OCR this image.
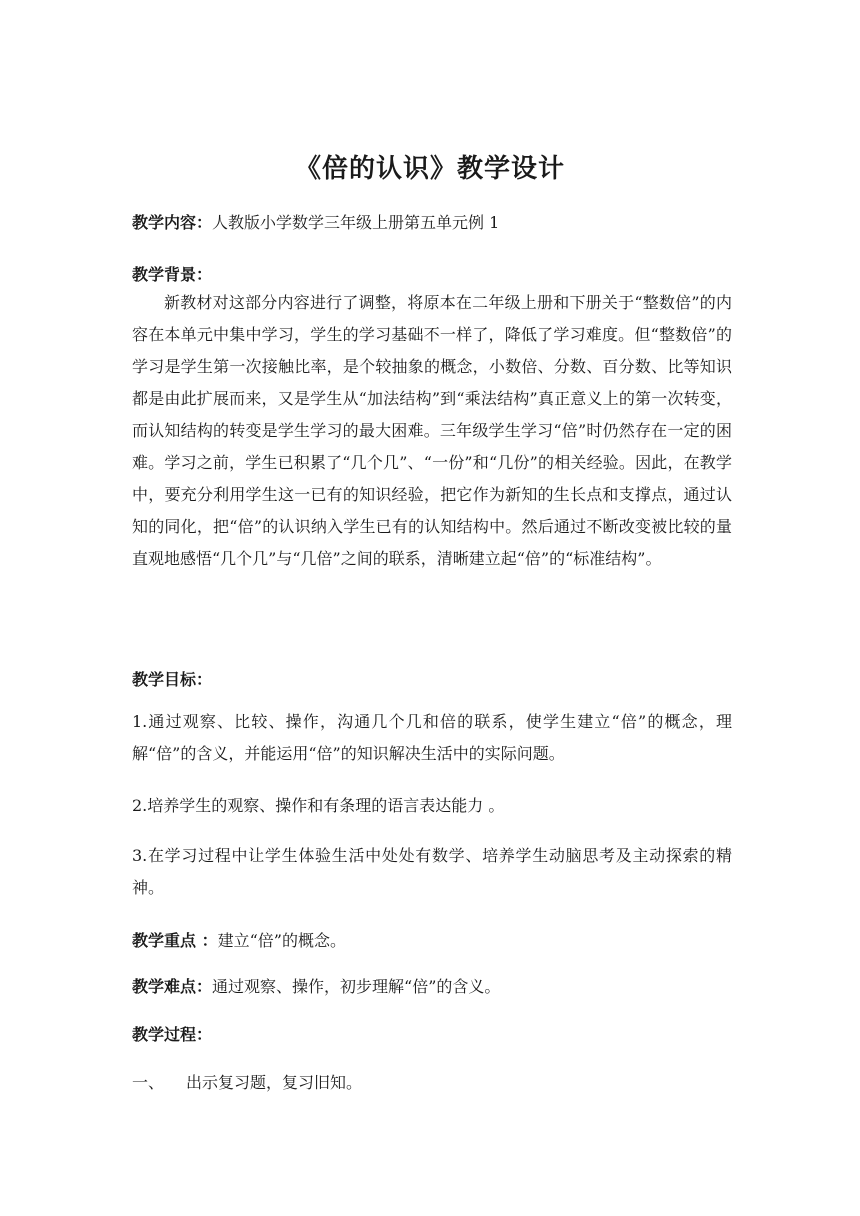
《倍的认识》教学设计
教学内容：人教版小学数学三年级上册第五单元例 1
教学背景：
新教材对这部分内容进行了调整，将原本在二年级上册和下册关于“整数倍”的内容在本单元中集中学习，学生的学习基础不一样了，降低了学习难度。但“整数倍”的学习是学生第一次接触比率，是个较抽象的概念，小数倍、分数、百分数、比等知识都是由此扩展而来，又是学生从“加法结构”到“乘法结构”真正意义上的第一次转变，而认知结构的转变是学生学习的最大困难。三年级学生学习“倍”时仍然存在一定的困难。学习之前，学生已积累了“几个几”、“一份”和“几份”的相关经验。因此，在教学中，要充分利用学生这一已有的知识经验，把它作为新知的生长点和支撑点，通过认知的同化，把“倍”的认识纳入学生已有的认知结构中。然后通过不断改变被比较的量直观地感悟“几个几”与“几倍”之间的联系，清晰建立起“倍”的“标准结构”。
教学目标：
1.通过观察、比较、操作，沟通几个几和倍的联系，使学生建立“倍”的概念，理解“倍”的含义，并能运用“倍”的知识解决生活中的实际问题。
2.培养学生的观察、操作和有条理的语言表达能力 。
3.在学习过程中让学生体验生活中处处有数学、培养学生动脑思考及主动探索的精神。
教学重点 ：建立“倍”的概念。
教学难点：通过观察、操作，初步理解“倍”的含义。
教学过程：
一、 出示复习题，复习旧知。
